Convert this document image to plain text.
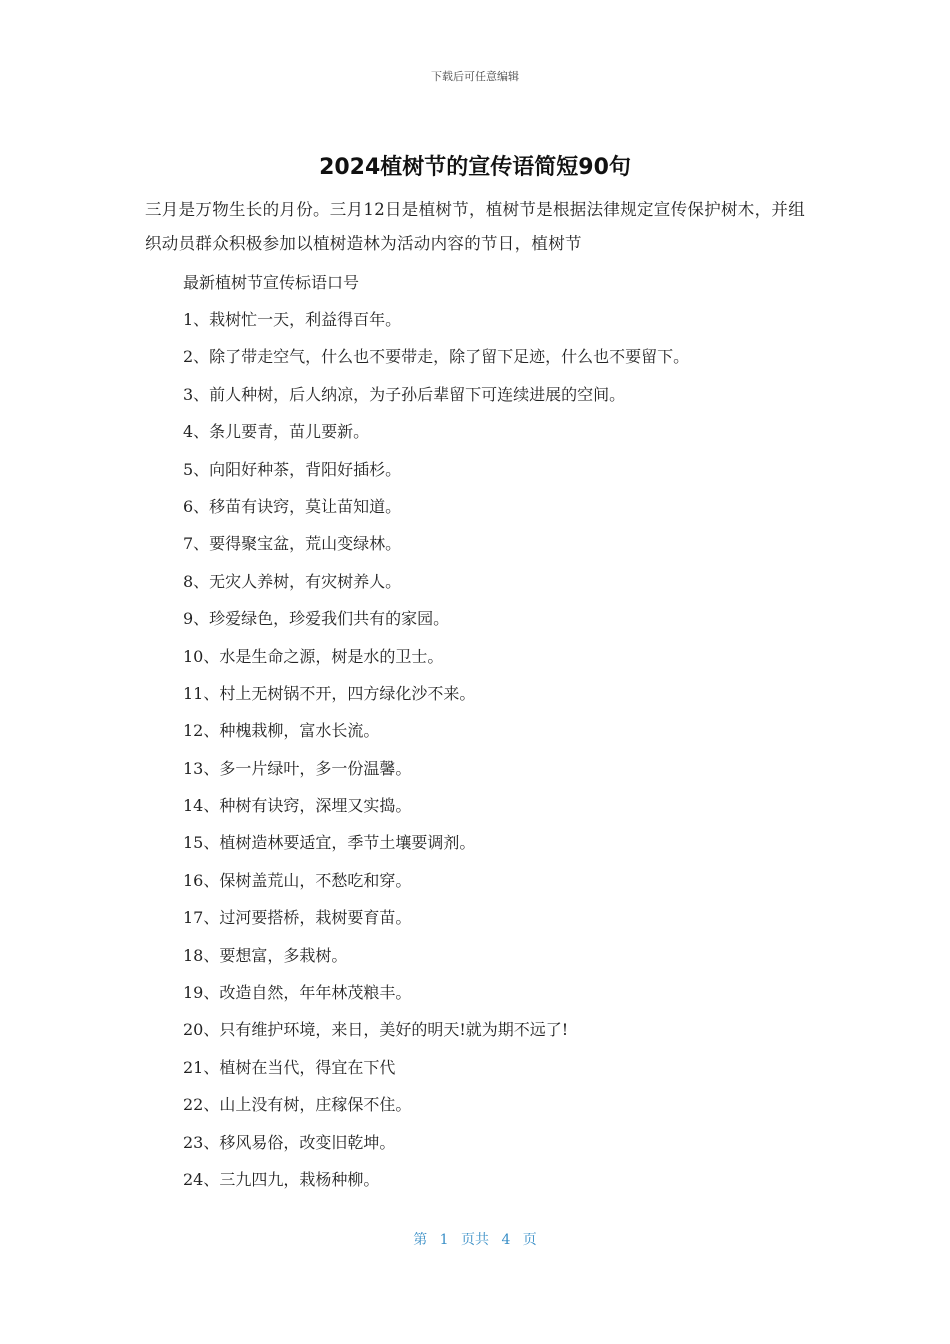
下载后可任意编辑
2024植树节的宣传语简短90句
三月是万物生长的月份。三月12日是植树节，植树节是根据法律规定宣传保护树木，并组织动员群众积极参加以植树造林为活动内容的节日，植树节
最新植树节宣传标语口号
1、栽树忙一天，利益得百年。
2、除了带走空气，什么也不要带走，除了留下足迹，什么也不要留下。
3、前人种树，后人纳凉，为子孙后辈留下可连续进展的空间。
4、条儿要青，苗儿要新。
5、向阳好种茶，背阳好插杉。
6、移苗有诀窍，莫让苗知道。
7、要得聚宝盆，荒山变绿林。
8、无灾人养树，有灾树养人。
9、珍爱绿色，珍爱我们共有的家园。
10、水是生命之源，树是水的卫士。
11、村上无树锅不开，四方绿化沙不来。
12、种槐栽柳，富水长流。
13、多一片绿叶，多一份温馨。
14、种树有诀窍，深埋又实捣。
15、植树造林要适宜，季节土壤要调剂。
16、保树盖荒山，不愁吃和穿。
17、过河要搭桥，栽树要育苗。
18、要想富，多栽树。
19、改造自然，年年林茂粮丰。
20、只有维护环境，来日，美好的明天!就为期不远了!
21、植树在当代，得宜在下代
22、山上没有树，庄稼保不住。
23、移风易俗，改变旧乾坤。
24、三九四九，栽杨种柳。
第 1 页共 4 页
